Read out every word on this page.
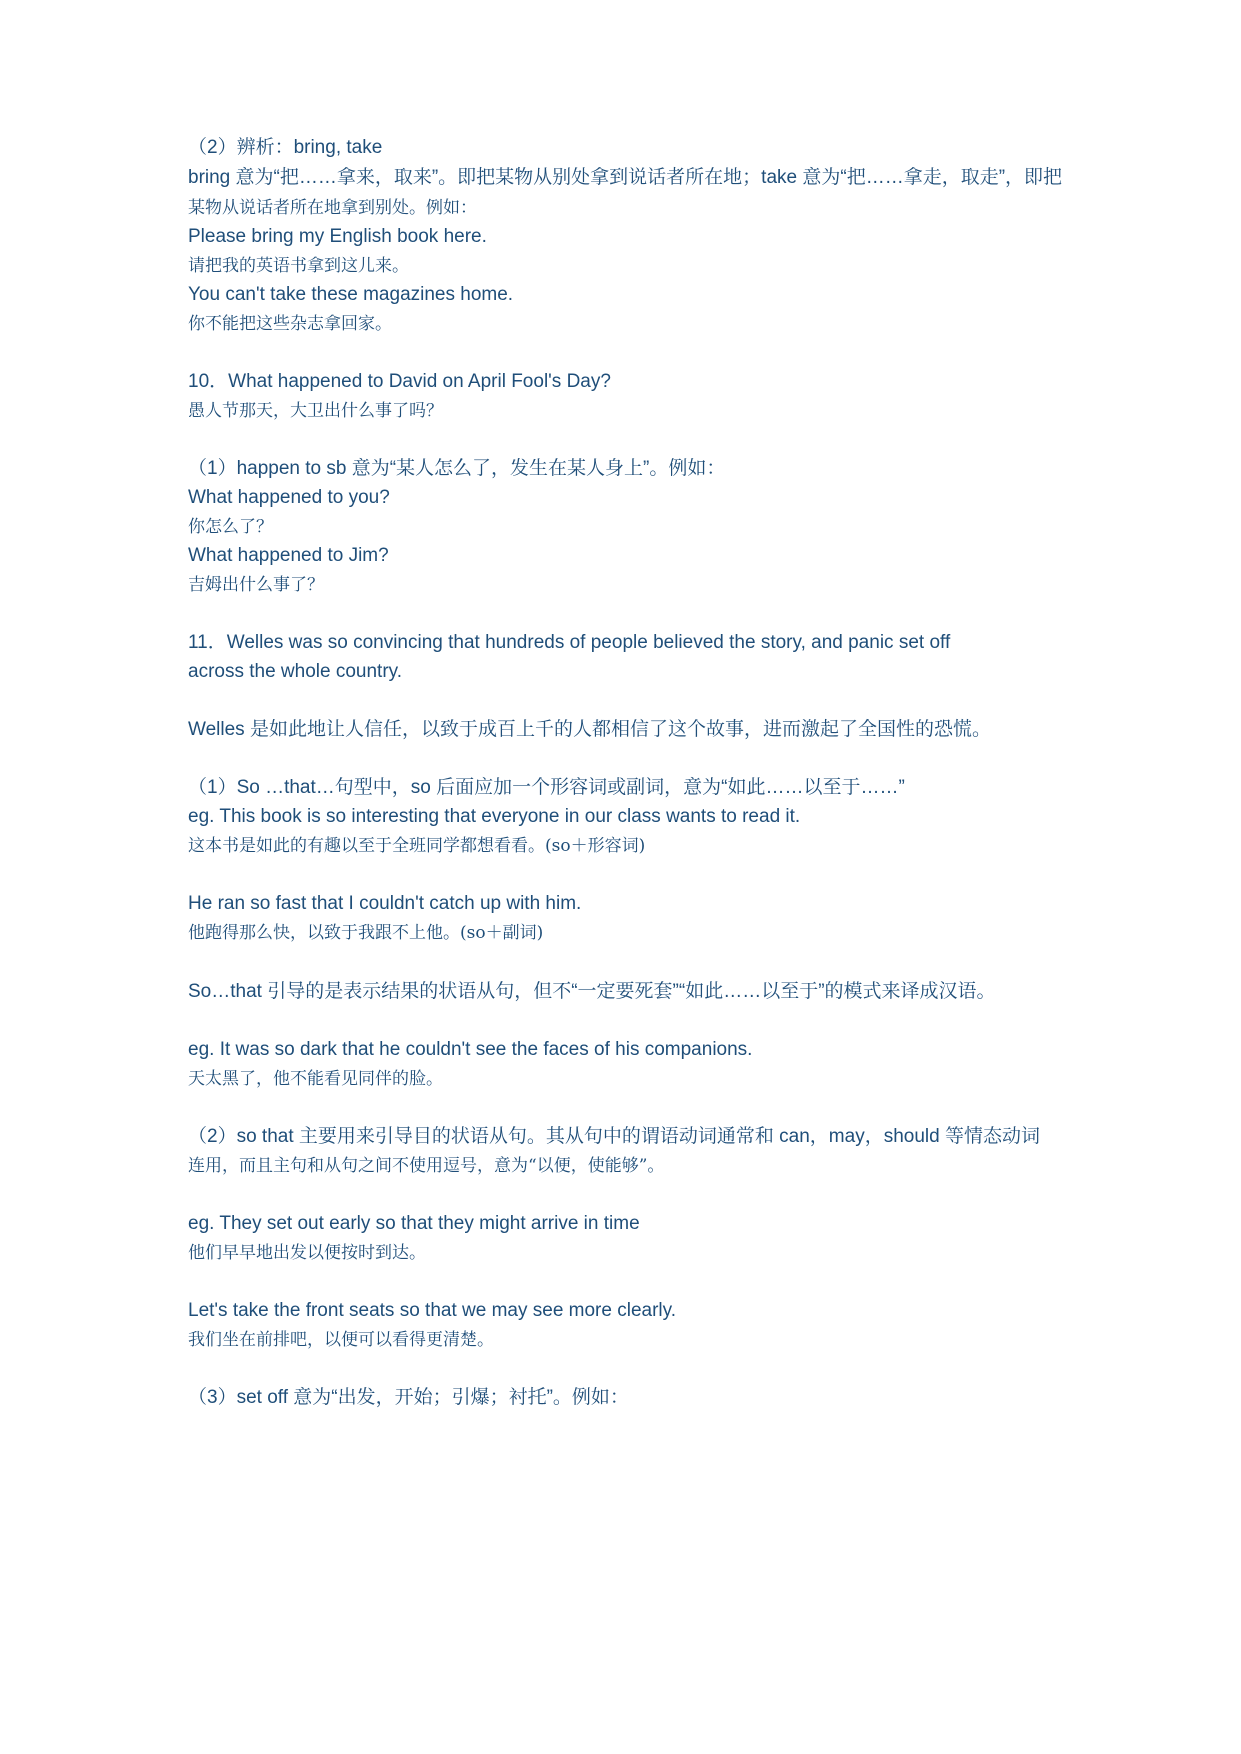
（2）辨析：bring, take
bring 意为“把……拿来，取来”。即把某物从别处拿到说话者所在地；take 意为“把……拿走，取走”，即把
某物从说话者所在地拿到别处。例如：
Please bring my English book here.
请把我的英语书拿到这儿来。
You can't take these magazines home.
你不能把这些杂志拿回家。
10．What happened to David on April Fool's Day?
愚人节那天，大卫出什么事了吗？
（1）happen to sb 意为“某人怎么了，发生在某人身上”。例如：
What happened to you?
你怎么了？
What happened to Jim?
吉姆出什么事了？
11．Welles was so convincing that hundreds of people believed the story, and panic set off
across the whole country.
Welles 是如此地让人信任，以致于成百上千的人都相信了这个故事，进而激起了全国性的恐慌。
（1）So …that…句型中，so 后面应加一个形容词或副词，意为“如此……以至于……”
eg. This book is so interesting that everyone in our class wants to read it.
这本书是如此的有趣以至于全班同学都想看看。(so＋形容词)
He ran so fast that I couldn't catch up with him.
他跑得那么快，以致于我跟不上他。(so＋副词)
So…that 引导的是表示结果的状语从句，但不“一定要死套”“如此……以至于”的模式来译成汉语。
eg. It was so dark that he couldn't see the faces of his companions.
天太黑了，他不能看见同伴的脸。
（2）so that 主要用来引导目的状语从句。其从句中的谓语动词通常和 can，may，should 等情态动词
连用，而且主句和从句之间不使用逗号，意为“以便，使能够”。
eg. They set out early so that they might arrive in time
他们早早地出发以便按时到达。
Let's take the front seats so that we may see more clearly.
我们坐在前排吧，以便可以看得更清楚。
（3）set off 意为“出发，开始；引爆；衬托”。例如：
